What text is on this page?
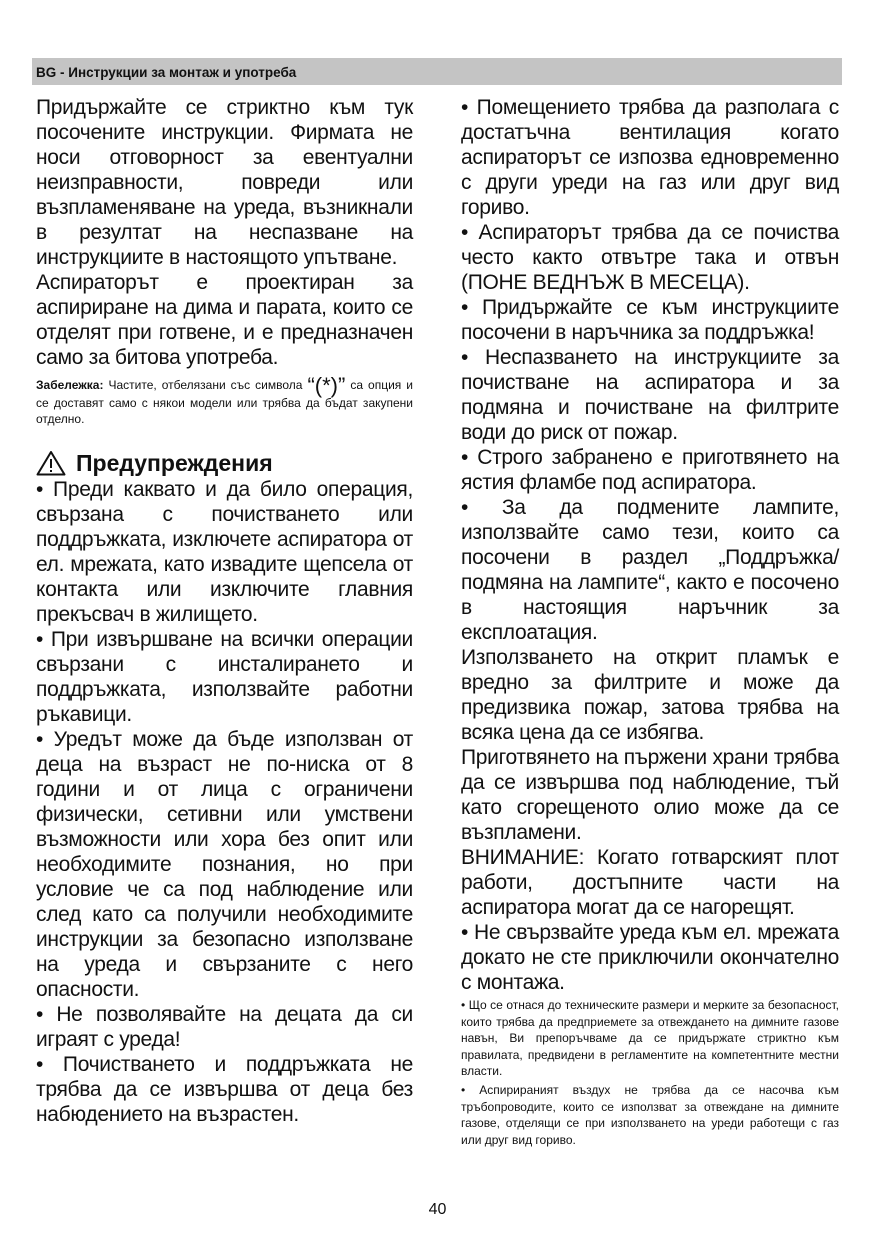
BG - Инструкции за монтаж и употреба

Придържайте се стриктно към тук посочените инструкции. Фирмата не носи отговорност за евентуални неизправности, повреди или възпламеняване на уреда, възникнали в резултат на неспазване на инструкциите в настоящото упътване.

Аспираторът е проектиран за аспириране на дима и парата, които се отделят при готвене, и е предназначен само за битова употреба.

Забележка: Частите, отбелязани със символа “(*)” са опция и се доставят само с някои модели или трябва да бъдат закупени отделно.

Предупреждения

• Преди каквато и да било операция, свързана с почистването или поддръжката, изключете аспиратора от ел. мрежата, като извадите щепсела от контакта или изключите главния прекъсвач в жилището.

• При извършване на всички операции свързани с инсталирането и поддръжката, използвайте работни ръкавици.

• Уредът може да бъде използван от деца на възраст не по-ниска от 8 години и от лица с ограничени физически, сетивни или умствени възможности или хора без опит или необходимите познания, но при условие че са под наблюдение или след като са получили необходимите инструкции за безопасно използване на уреда и свързаните с него опасности.

• Не позволявайте на децата да си играят с уреда!

• Почистването и поддръжката не трябва да се извършва от деца без набюдението на възрастен.

• Помещението трябва да разполага с достатъчна вентилация когато аспираторът се изпозва едновременно с други уреди на газ или друг вид гориво.

• Аспираторът трябва да се почиства често както отвътре така и отвън (ПОНЕ ВЕДНЪЖ В МЕСЕЦА).

• Придържайте се към инструкциите посочени в наръчника за поддръжка!

• Неспазването на инструкциите за почистване на аспиратора и за подмяна и почистване на филтрите води до риск от пожар.

• Строго забранено е приготвянето на ястия фламбе под аспиратора.

• За да подмените лампите, използвайте само тези, които са посочени в раздел „Поддръжка/подмяна на лампите“, както е посочено в настоящия наръчник за експлоатация.

Използването на открит пламък е вредно за филтрите и може да предизвика пожар, затова трябва на всяка цена да се избягва.

Приготвянето на пържени храни трябва да се извършва под наблюдение, тъй като сгорещеното олио може да се възпламени.

ВНИМАНИЕ: Когато готварският плот работи, достъпните части на аспиратора могат да се нагорещят.

• Не свързвайте уреда към ел. мрежата докато не сте приключили окончателно с монтажа.

• Що се отнася до техническите размери и мерките за безопасност, които трябва да предприемете за отвеждането на димните газове навън, Ви препоръчваме да се придържате стриктно към правилата, предвидени в регламентите на компетентните местни власти.

• Аспирираният въздух не трябва да се насочва към тръбопроводите, които се използват за отвеждане на димните газове, отделящи се при използването на уреди работещи с газ или друг вид гориво.

40
